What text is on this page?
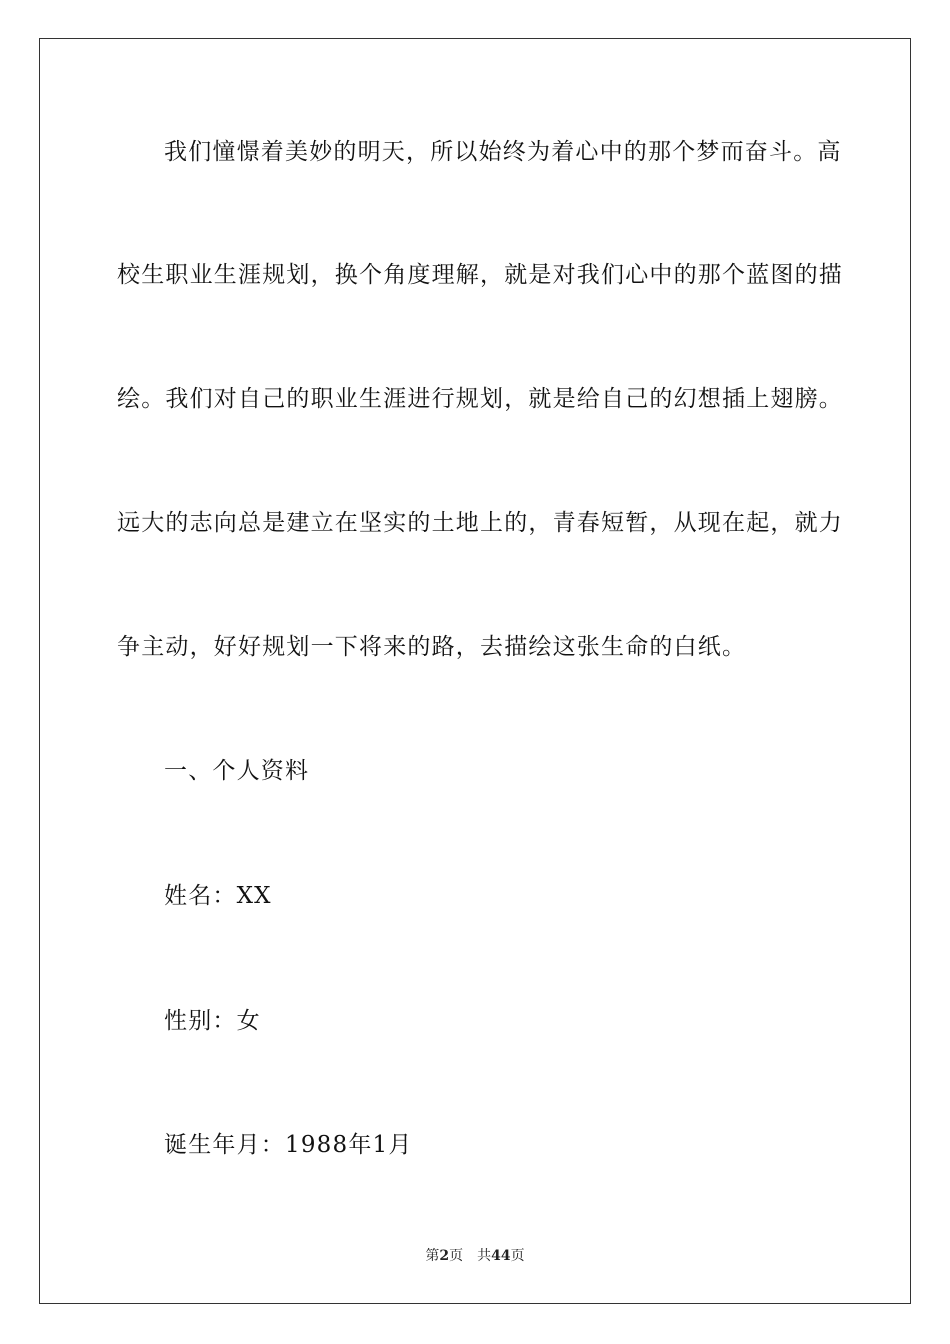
我们憧憬着美妙的明天，所以始终为着心中的那个梦而奋斗。高
校生职业生涯规划，换个角度理解，就是对我们心中的那个蓝图的描
绘。我们对自己的职业生涯进行规划，就是给自己的幻想插上翅膀。
远大的志向总是建立在坚实的土地上的，青春短暂，从现在起，就力
争主动，好好规划一下将来的路，去描绘这张生命的白纸。
一、个人资料
姓名：XX
性别：女
诞生年月：1988年1月
第2页 共44页
